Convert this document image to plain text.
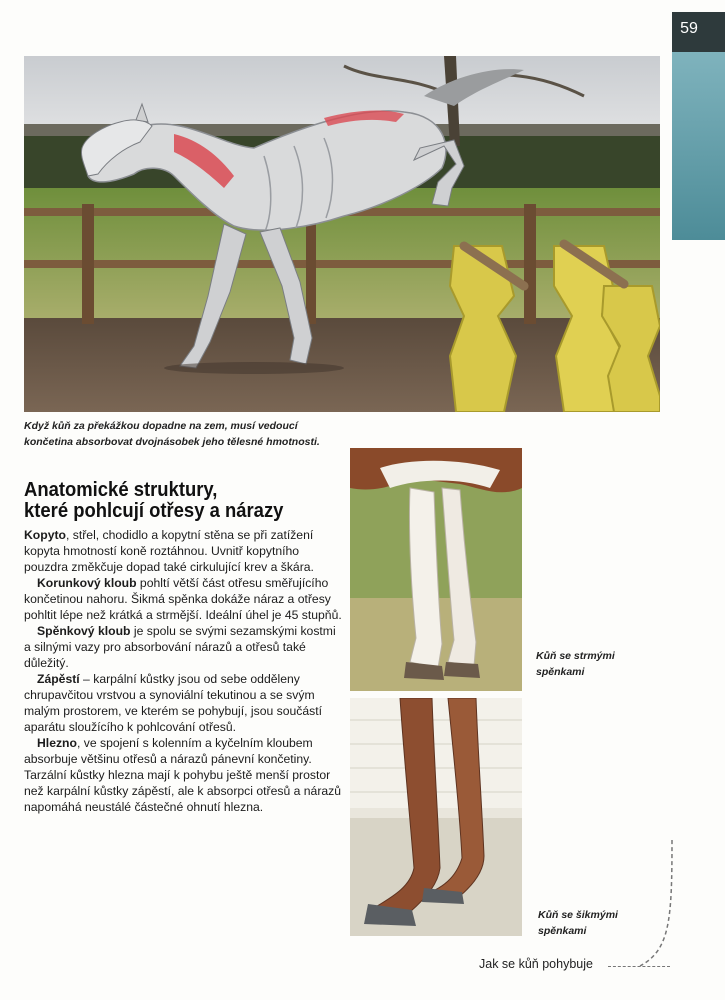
59
Když kůň za překážkou dopadne na zem, musí vedoucí
končetina absorbovat dvojnásobek jeho tělesné hmotnosti.
Kůň se strmými
spěnkami
Kůň se šikmými
spěnkami
Anatomické struktury,
které pohlcují otřesy a nárazy

Kopyto, střel, chodidlo a kopytní stěna se při zatížení kopyta hmotností koně roztáhnou. Uvnitř kopytního pouzdra změkčuje dopad také cirkulující krev a škára.

Korunkový kloub pohltí větší část otřesu směřujícího končetinou nahoru. Šikmá spěnka dokáže náraz a otřesy pohltit lépe než krátká a strmější. Ideální úhel je 45 stupňů.

Spěnkový kloub je spolu se svými sezamskými kostmi a silnými vazy pro absorbování nárazů a otřesů také důležitý.

Zápěstí – karpální kůstky jsou od sebe odděleny chrupavčitou vrstvou a synoviální tekutinou a se svým malým prostorem, ve kterém se pohybují, jsou součástí aparátu sloužícího k pohlcování otřesů.

Hlezno, ve spojení s kolenním a kyčelním kloubem absorbuje většinu otřesů a nárazů pánevní končetiny. Tarzální kůstky hlezna mají k pohybu ještě menší prostor než karpální kůstky zápěstí, ale k absorpci otřesů a nárazů napomáhá neustálé částečné ohnutí hlezna.

Jak se kůň pohybuje
